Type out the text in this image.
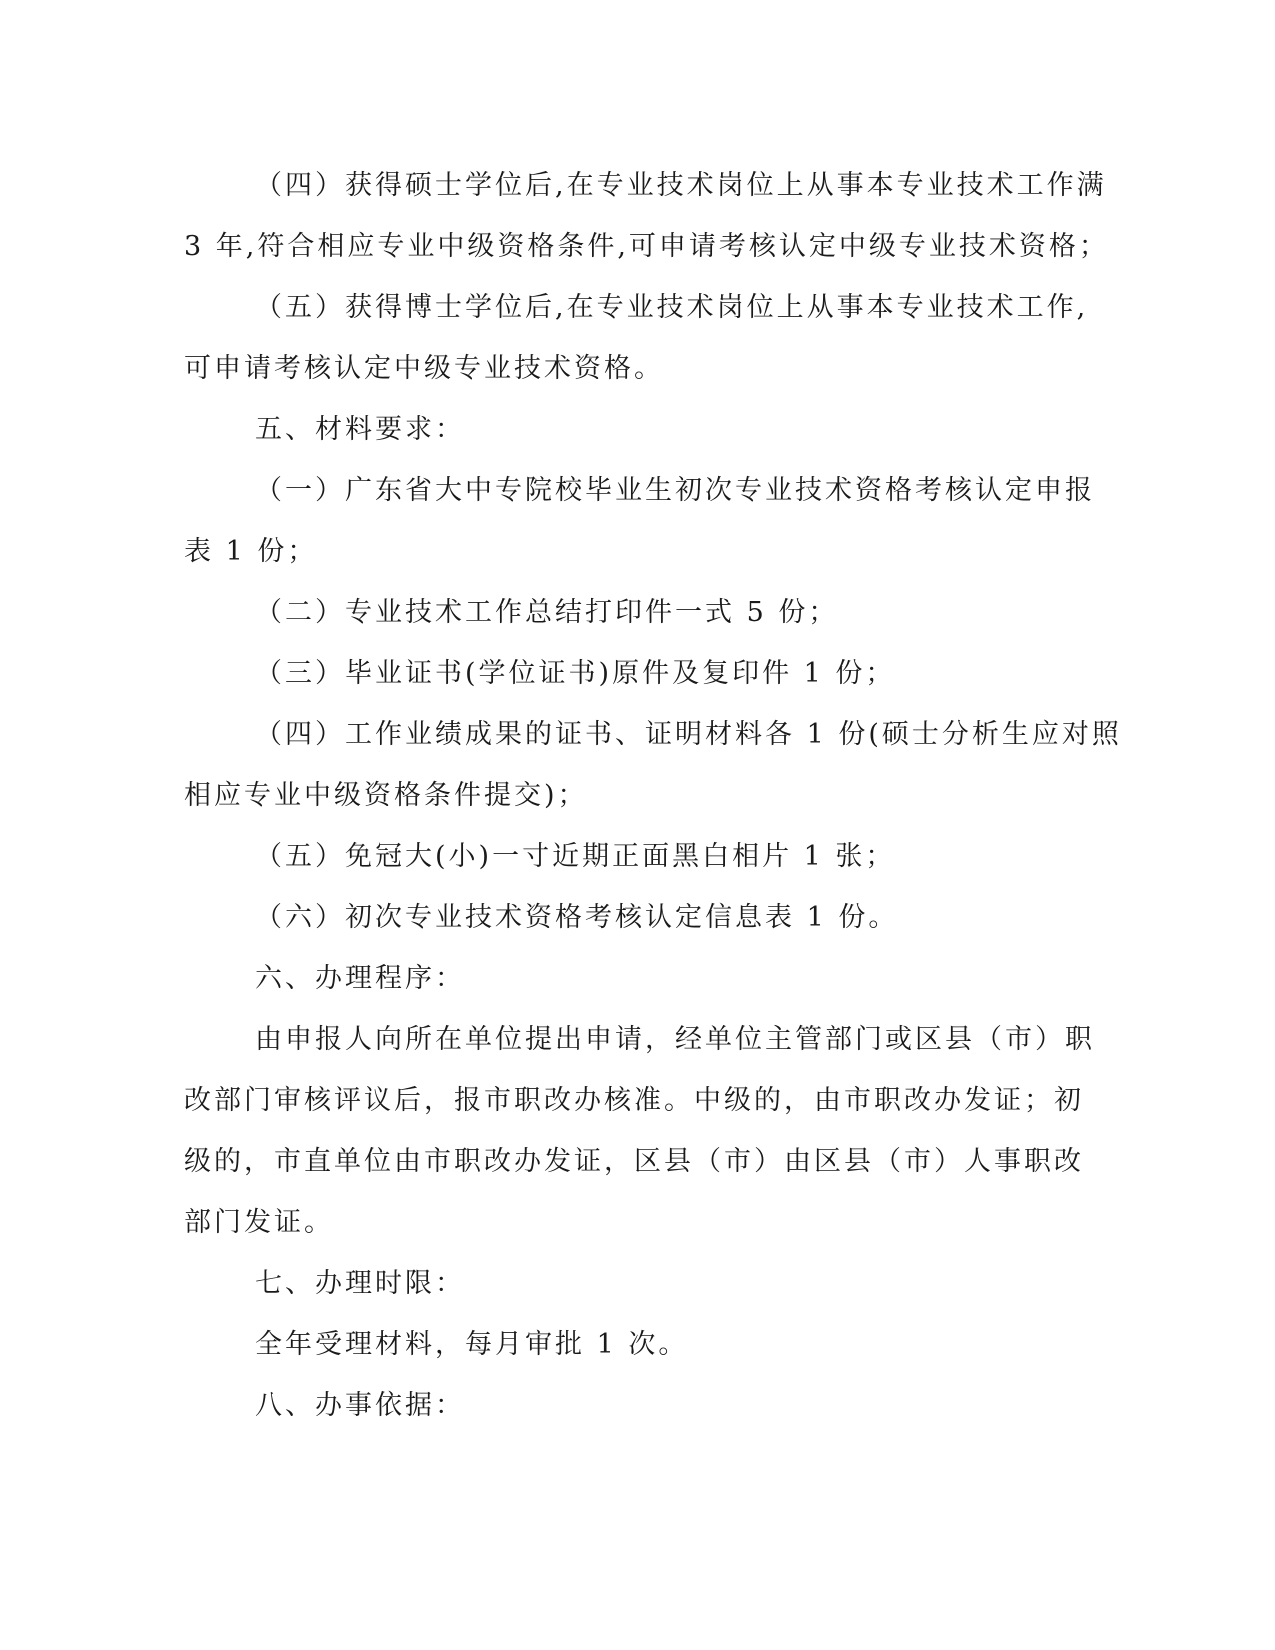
（四）获得硕士学位后,在专业技术岗位上从事本专业技术工作满
3 年,符合相应专业中级资格条件,可申请考核认定中级专业技术资格；
（五）获得博士学位后,在专业技术岗位上从事本专业技术工作,
可申请考核认定中级专业技术资格。
五、材料要求：
（一）广东省大中专院校毕业生初次专业技术资格考核认定申报
表 1 份；
（二）专业技术工作总结打印件一式 5 份；
（三）毕业证书(学位证书)原件及复印件 1 份；
（四）工作业绩成果的证书、证明材料各 1 份(硕士分析生应对照
相应专业中级资格条件提交)；
（五）免冠大(小)一寸近期正面黑白相片 1 张；
（六）初次专业技术资格考核认定信息表 1 份。
六、办理程序：
由申报人向所在单位提出申请，经单位主管部门或区县（市）职
改部门审核评议后，报市职改办核准。中级的，由市职改办发证；初
级的，市直单位由市职改办发证，区县（市）由区县（市）人事职改
部门发证。
七、办理时限：
全年受理材料，每月审批 1 次。
八、办事依据：
